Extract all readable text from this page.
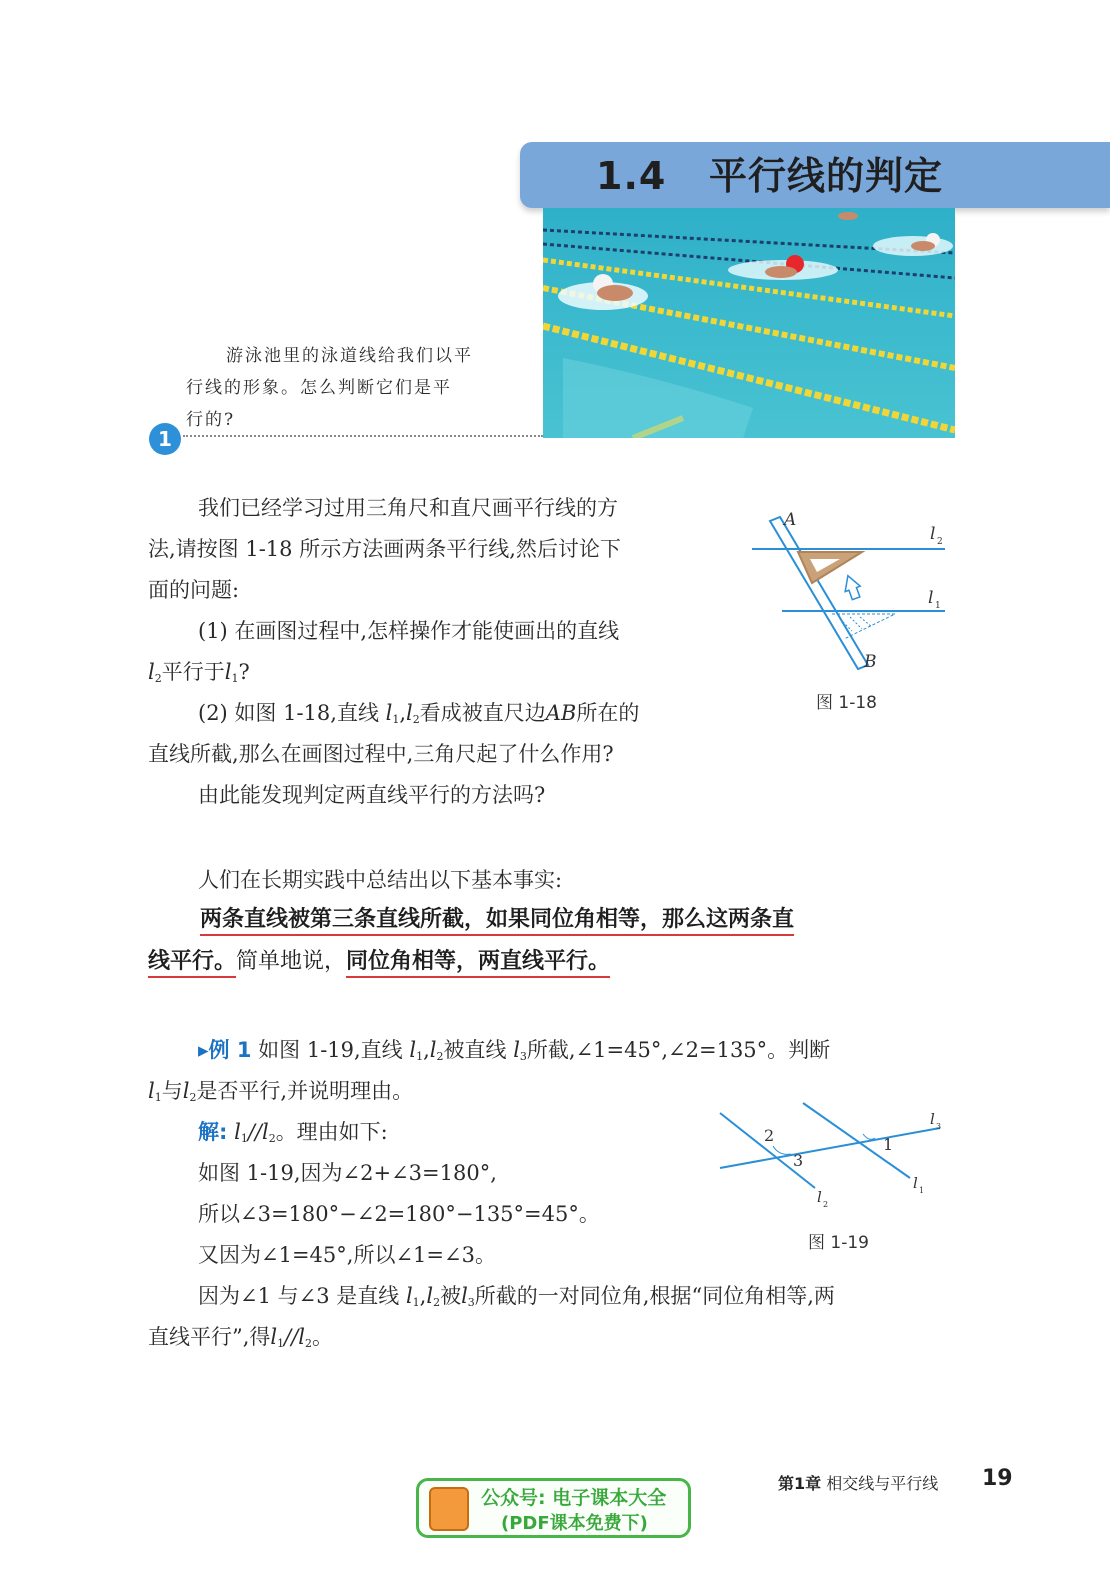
1.4 平行线的判定

游泳池里的泳道线给我们以平

行线的形象。怎么判断它们是平

行的?

1
我们已经学习过用三角尺和直尺画平行线的方
法,请按图 1-18 所示方法画两条平行线,然后讨论下
面的问题:
(1) 在画图过程中,怎样操作才能使画出的直线
$l_2$平行于$l_1$?
(2) 如图 1-18,直线 $l_1,l_2$看成被直尺边AB所在的
直线所截,那么在画图过程中,三角尺起了什么作用?
由此能发现判定两直线平行的方法吗?
A
B
l 2
l 1
图 1-18
人们在长期实践中总结出以下基本事实:
两条直线被第三条直线所截，如果同位角相等，那么这两条直
线平行。简单地说，同位角相等，两直线平行。
▸例 1 如图 1-19,直线 $l_1,l_2$被直线 $l_3$所截,∠1=45°,∠2=135°。判断
$l_1$与$l_2$是否平行,并说明理由。
解: $l_1//l_2$。理由如下:
如图 1-19,因为∠2+∠3=180°,
所以∠3=180°−∠2=180°−135°=45°。
又因为∠1=45°,所以∠1=∠3。
因为∠1 与∠3 是直线 $l_1,l_2$被$l_3$所截的一对同位角,根据“同位角相等,两
直线平行”,得$l_1//l_2$。
2
3
1
l 3
l 1
l 2
图 1-19
公众号: 电子课本大全
(PDF课本免费下)
第1章 相交线与平行线 19
